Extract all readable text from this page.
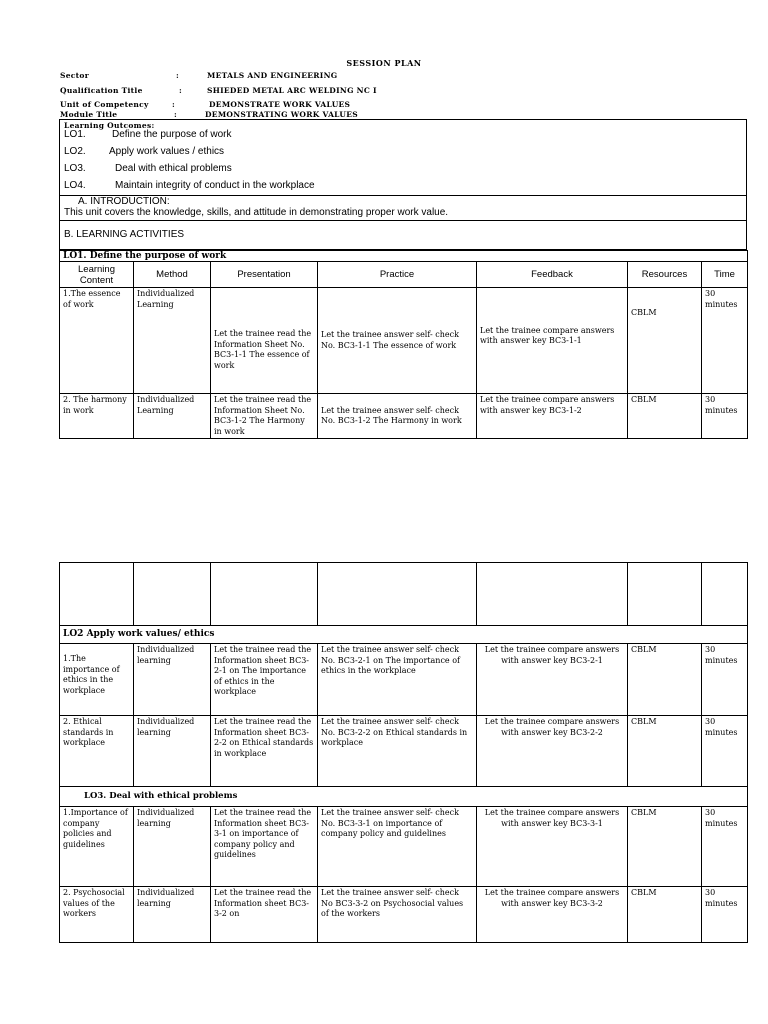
SESSION PLAN
Sector	:	METALS AND ENGINEERING
Qualification Title	:	SHIEDED METAL ARC WELDING NC I
Unit of Competency	:	DEMONSTRATE WORK VALUES
Module Title	:	DEMONSTRATING WORK VALUES
Learning Outcomes:
LO1.	Define the purpose of work
LO2. Apply work values / ethics
LO3.	Deal with ethical problems
LO4.	Maintain integrity of conduct in the workplace
A. INTRODUCTION:
This unit covers the knowledge, skills, and attitude in demonstrating proper work value.
B. LEARNING ACTIVITIES
LO1. Define the purpose of work						
Learning Content	Method	Presentation	Practice	Feedback	Resources	Time
1.The essence of work	Individualized Learning	Let the trainee read the Information Sheet No. BC3-1-1 The essence of work	Let the trainee answer self- check No. BC3-1-1 The essence of work	Let the trainee compare answers with answer key BC3-1-1	CBLM	30 minutes
2. The harmony in work	Individualized Learning	Let the trainee read the Information Sheet No. BC3-1-2 The Harmony in work	Let the trainee answer self- check No. BC3-1-2 The Harmony in work	Let the trainee compare answers with answer key BC3-1-2	CBLM	30 minutes

LO2 Apply work values/ ethics						
1.The importance of ethics in the workplace	Individualized learning	Let the trainee read the Information sheet BC3-2-1 on The importance of ethics in the workplace	Let the trainee answer self- check No. BC3-2-1 on The importance of ethics in the workplace	Let the trainee compare answers with answer key BC3-2-1	CBLM	30 minutes
2. Ethical standards in workplace	Individualized learning	Let the trainee read the Information sheet BC3-2-2 on Ethical standards in workplace	Let the trainee answer self- check No. BC3-2-2 on Ethical standards in workplace	Let the trainee compare answers with answer key BC3-2-2	CBLM	30 minutes
LO3. Deal with ethical problems						
1.Importance of company policies and guidelines	Individualized learning	Let the trainee read the Information sheet BC3-3-1 on importance of company policy and guidelines	Let the trainee answer self- check No. BC3-3-1 on importance of company policy and guidelines	Let the trainee compare answers with answer key BC3-3-1	CBLM	30 minutes
2. Psychosocial values of the workers	Individualized learning	Let the trainee read the Information sheet BC3-3-2 on	Let the trainee answer self- check No BC3-3-2 on Psychosocial values of the workers	Let the trainee compare answers with answer key BC3-3-2	CBLM	30 minutes
